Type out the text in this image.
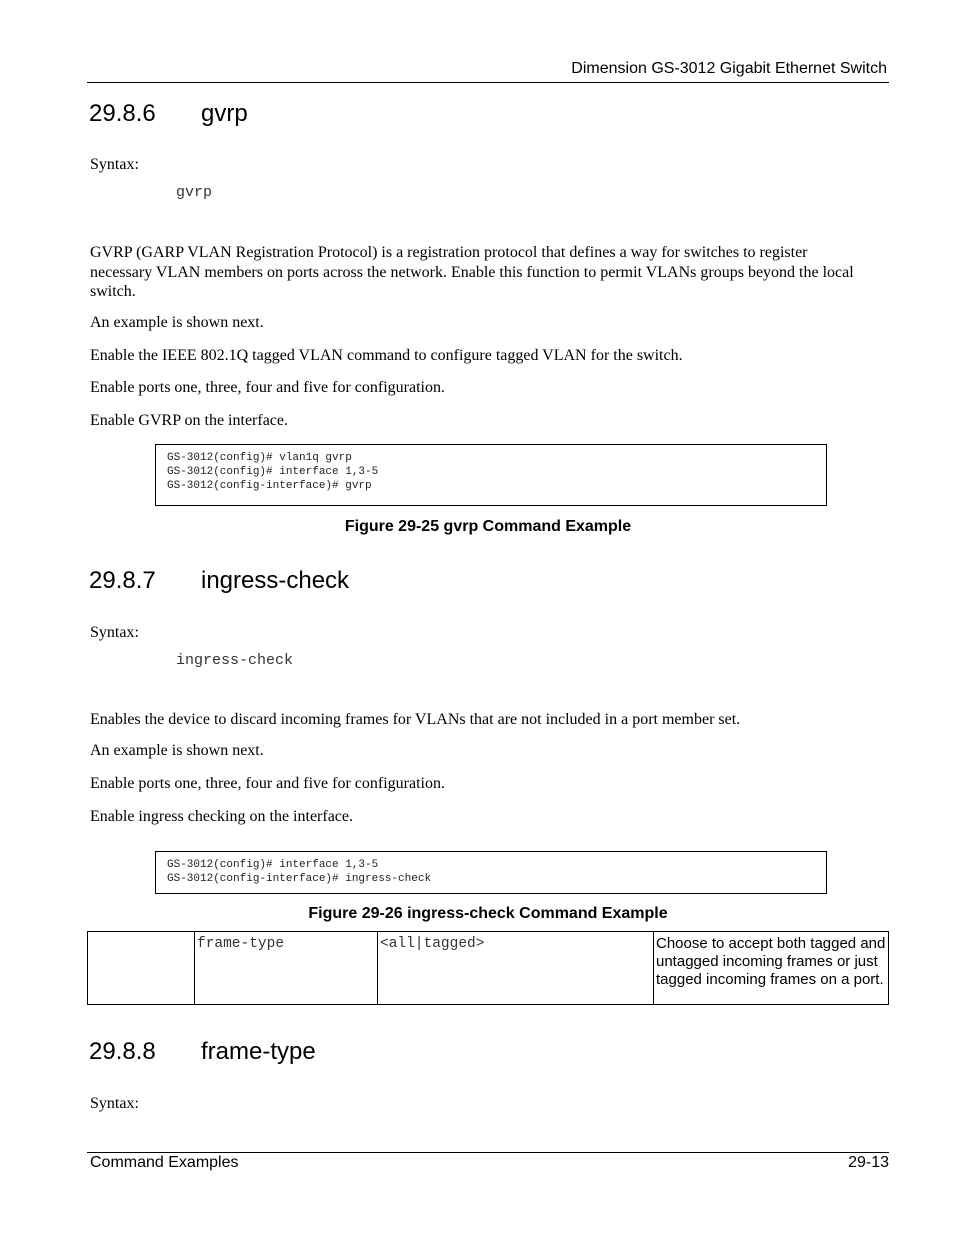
Dimension GS-3012 Gigabit Ethernet Switch
29.8.6 gvrp
Syntax:
gvrp
GVRP (GARP VLAN Registration Protocol) is a registration protocol that defines a way for switches to register necessary VLAN members on ports across the network. Enable this function to permit VLANs groups beyond the local switch.
An example is shown next.
Enable the IEEE 802.1Q tagged VLAN command to configure tagged VLAN for the switch.
Enable ports one, three, four and five for configuration.
Enable GVRP on the interface.
GS-3012(config)# vlan1q gvrp
GS-3012(config)# interface 1,3-5
GS-3012(config-interface)# gvrp
Figure 29-25 gvrp Command Example
29.8.7 ingress-check
Syntax:
ingress-check
Enables the device to discard incoming frames for VLANs that are not included in a port member set.
An example is shown next.
Enable ports one, three, four and five for configuration.
Enable ingress checking on the interface.
GS-3012(config)# interface 1,3-5
GS-3012(config-interface)# ingress-check
Figure 29-26 ingress-check Command Example
	frame-type	<all|tagged>	Choose to accept both tagged and untagged incoming frames or just tagged incoming frames on a port.
29.8.8 frame-type
Syntax:
Command Examples	29-13
